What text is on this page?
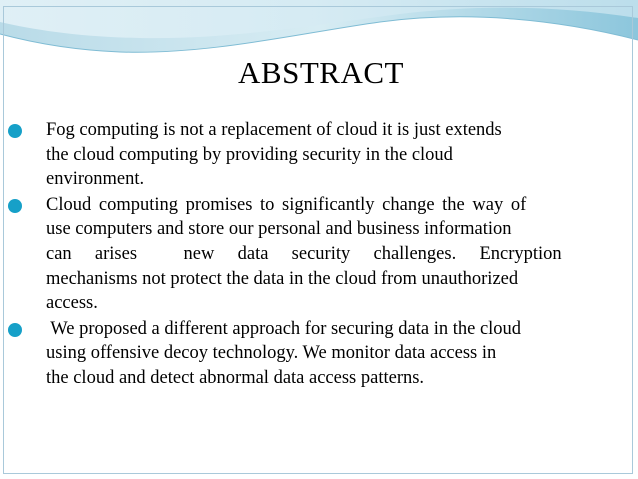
ABSTRACT
Fog computing is not a replacement of cloud it is just extends
the cloud computing by providing security in the cloud
environment.
Cloud computing promises to significantly change the way of
use computers and store our personal and business information
can  arises    new  data  security  challenges.  Encryption
mechanisms not protect the data in the cloud from unauthorized
access.
We proposed a different approach for securing data in the cloud
using offensive decoy technology. We monitor data access in
the cloud and detect abnormal data access patterns.
